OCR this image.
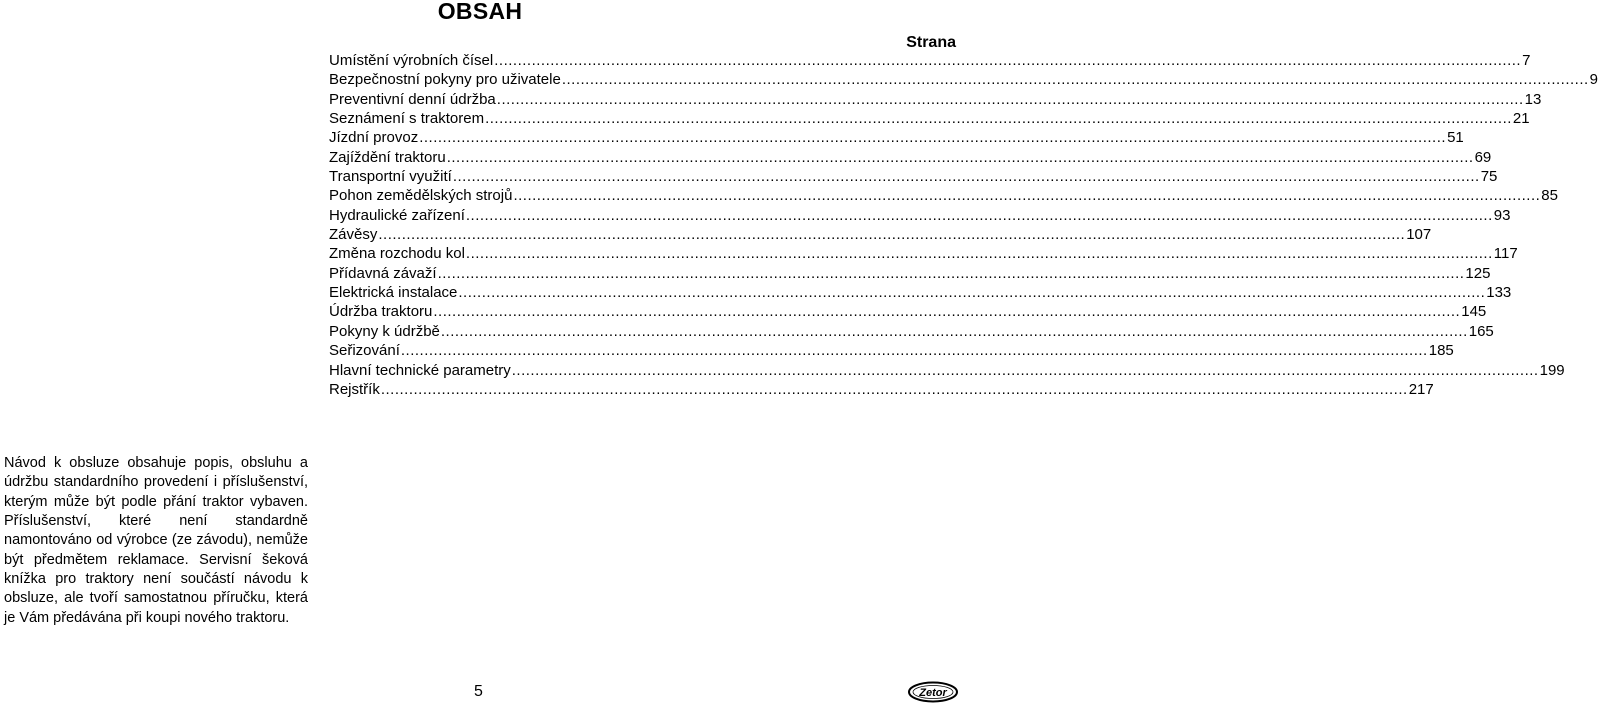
OBSAH
Strana
Umístění výrobních čísel ............................................................................................................................................................................................................................ 7
Bezpečnostní pokyny pro uživatele ............................................................................................................................................................................................................................ 9
Preventivní denní údržba ............................................................................................................................................................................................................................ 13
Seznámení s traktorem ............................................................................................................................................................................................................................ 21
Jízdní provoz ............................................................................................................................................................................................................................ 51
Zajíždění traktoru ............................................................................................................................................................................................................................ 69
Transportní využití ............................................................................................................................................................................................................................ 75
Pohon zemědělských strojů ............................................................................................................................................................................................................................ 85
Hydraulické zařízení ............................................................................................................................................................................................................................ 93
Závěsy ............................................................................................................................................................................................................................ 107
Změna rozchodu kol ............................................................................................................................................................................................................................ 117
Přídavná závaží ............................................................................................................................................................................................................................ 125
Elektrická instalace ............................................................................................................................................................................................................................ 133
Údržba traktoru ............................................................................................................................................................................................................................ 145
Pokyny k údržbě ............................................................................................................................................................................................................................ 165
Seřizování ............................................................................................................................................................................................................................ 185
Hlavní technické parametry ............................................................................................................................................................................................................................ 199
Rejstřík ............................................................................................................................................................................................................................ 217

Návod k obsluze obsahuje popis, obsluhu a údržbu standardního provedení i příslušenství, kterým může být podle přání traktor vybaven. Příslušenství, které není standardně namontováno od výrobce (ze závodu), nemůže být předmětem reklamace. Servisní šeková knížka pro traktory není součástí návodu k obsluze, ale tvoří samostatnou příručku, která je Vám předávána při koupi nového traktoru.

5	Zetor
